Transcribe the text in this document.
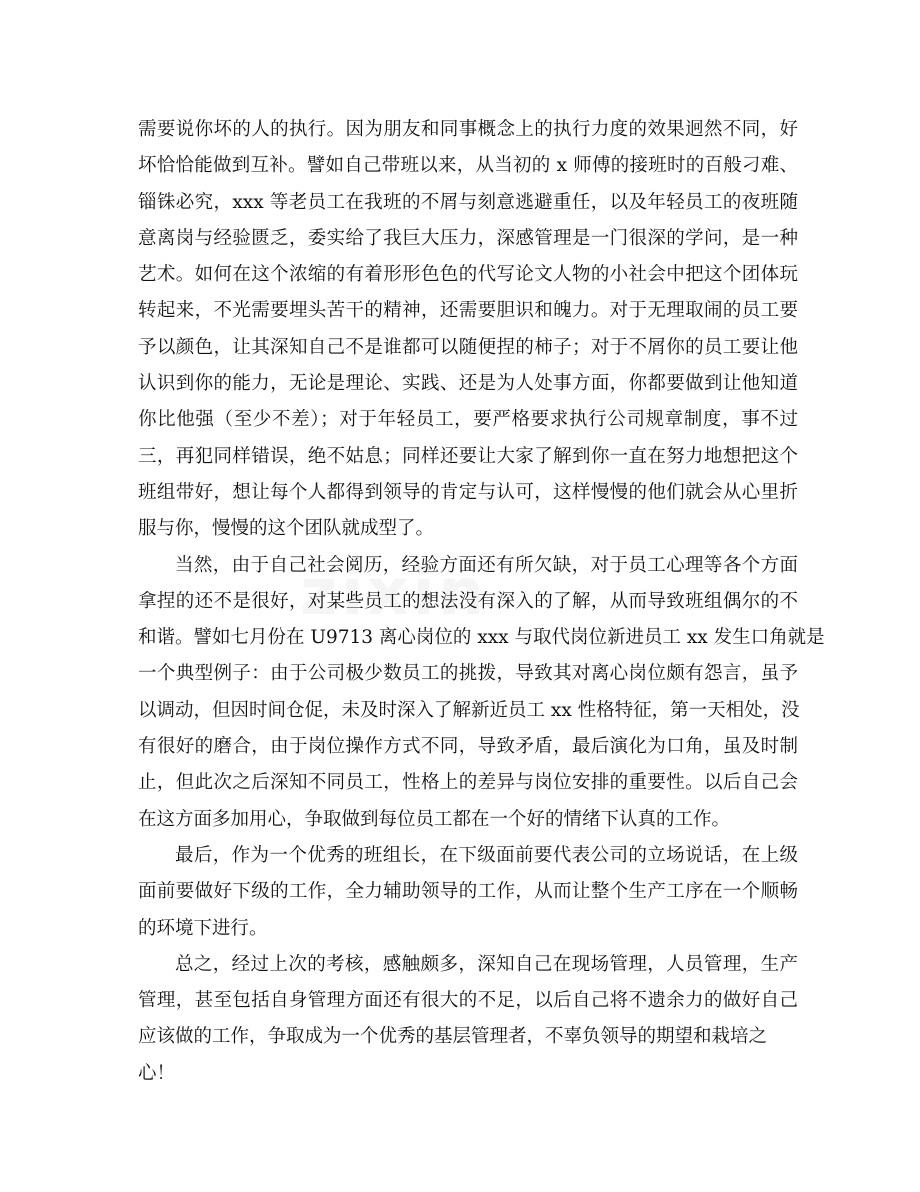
zixin
需要说你坏的人的执行。因为朋友和同事概念上的执行力度的效果迥然不同，好
坏恰恰能做到互补。譬如自己带班以来，从当初的 x 师傅的接班时的百般刁难、
锱铢必究，xxx 等老员工在我班的不屑与刻意逃避重任，以及年轻员工的夜班随
意离岗与经验匮乏，委实给了我巨大压力，深感管理是一门很深的学问，是一种
艺术。如何在这个浓缩的有着形形色色的代写论文人物的小社会中把这个团体玩
转起来，不光需要埋头苦干的精神，还需要胆识和魄力。对于无理取闹的员工要
予以颜色，让其深知自己不是谁都可以随便捏的柿子；对于不屑你的员工要让他
认识到你的能力，无论是理论、实践、还是为人处事方面，你都要做到让他知道
你比他强（至少不差）；对于年轻员工，要严格要求执行公司规章制度，事不过
三，再犯同样错误，绝不姑息；同样还要让大家了解到你一直在努力地想把这个
班组带好，想让每个人都得到领导的肯定与认可，这样慢慢的他们就会从心里折
服与你，慢慢的这个团队就成型了。
当然，由于自己社会阅历，经验方面还有所欠缺，对于员工心理等各个方面
拿捏的还不是很好，对某些员工的想法没有深入的了解，从而导致班组偶尔的不
和谐。譬如七月份在 U9713 离心岗位的 xxx 与取代岗位新进员工 xx 发生口角就是
一个典型例子：由于公司极少数员工的挑拨，导致其对离心岗位颇有怨言，虽予
以调动，但因时间仓促，未及时深入了解新近员工 xx 性格特征，第一天相处，没
有很好的磨合，由于岗位操作方式不同，导致矛盾，最后演化为口角，虽及时制
止，但此次之后深知不同员工，性格上的差异与岗位安排的重要性。以后自己会
在这方面多加用心，争取做到每位员工都在一个好的情绪下认真的工作。
最后，作为一个优秀的班组长，在下级面前要代表公司的立场说话，在上级
面前要做好下级的工作，全力辅助领导的工作，从而让整个生产工序在一个顺畅
的环境下进行。
总之，经过上次的考核，感触颇多，深知自己在现场管理，人员管理，生产
管理，甚至包括自身管理方面还有很大的不足，以后自己将不遗余力的做好自己
应该做的工作，争取成为一个优秀的基层管理者，不辜负领导的期望和栽培之
心！
